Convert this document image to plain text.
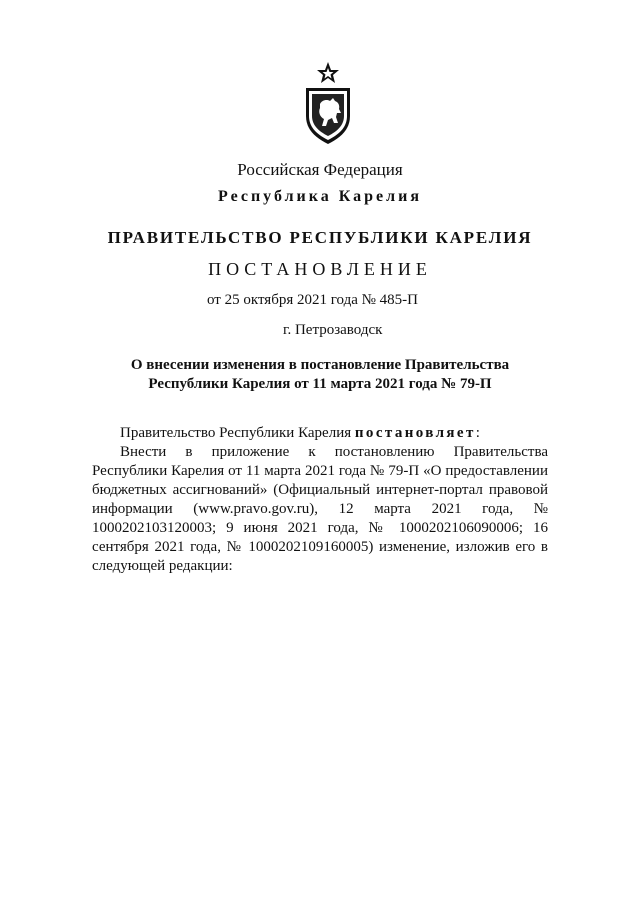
Российская Федерация
Республика Карелия
ПРАВИТЕЛЬСТВО РЕСПУБЛИКИ КАРЕЛИЯ
ПОСТАНОВЛЕНИЕ
от 25 октября 2021 года № 485-П
г. Петрозаводск
О внесении изменения в постановление Правительства
Республики Карелия от 11 марта 2021 года № 79-П
Правительство Республики Карелия постановляет:

Внести в приложение к постановлению Правительства Республики Карелия от 11 марта 2021 года № 79-П «О предоставлении бюджетных ассигнований» (Официальный интернет-портал правовой информации (www.pravo.gov.ru), 12 марта 2021 года, № 1000202103120003; 9 июня 2021 года, № 1000202106090006; 16 сентября 2021 года, № 1000202109160005) изменение, изложив его в следующей редакции:
